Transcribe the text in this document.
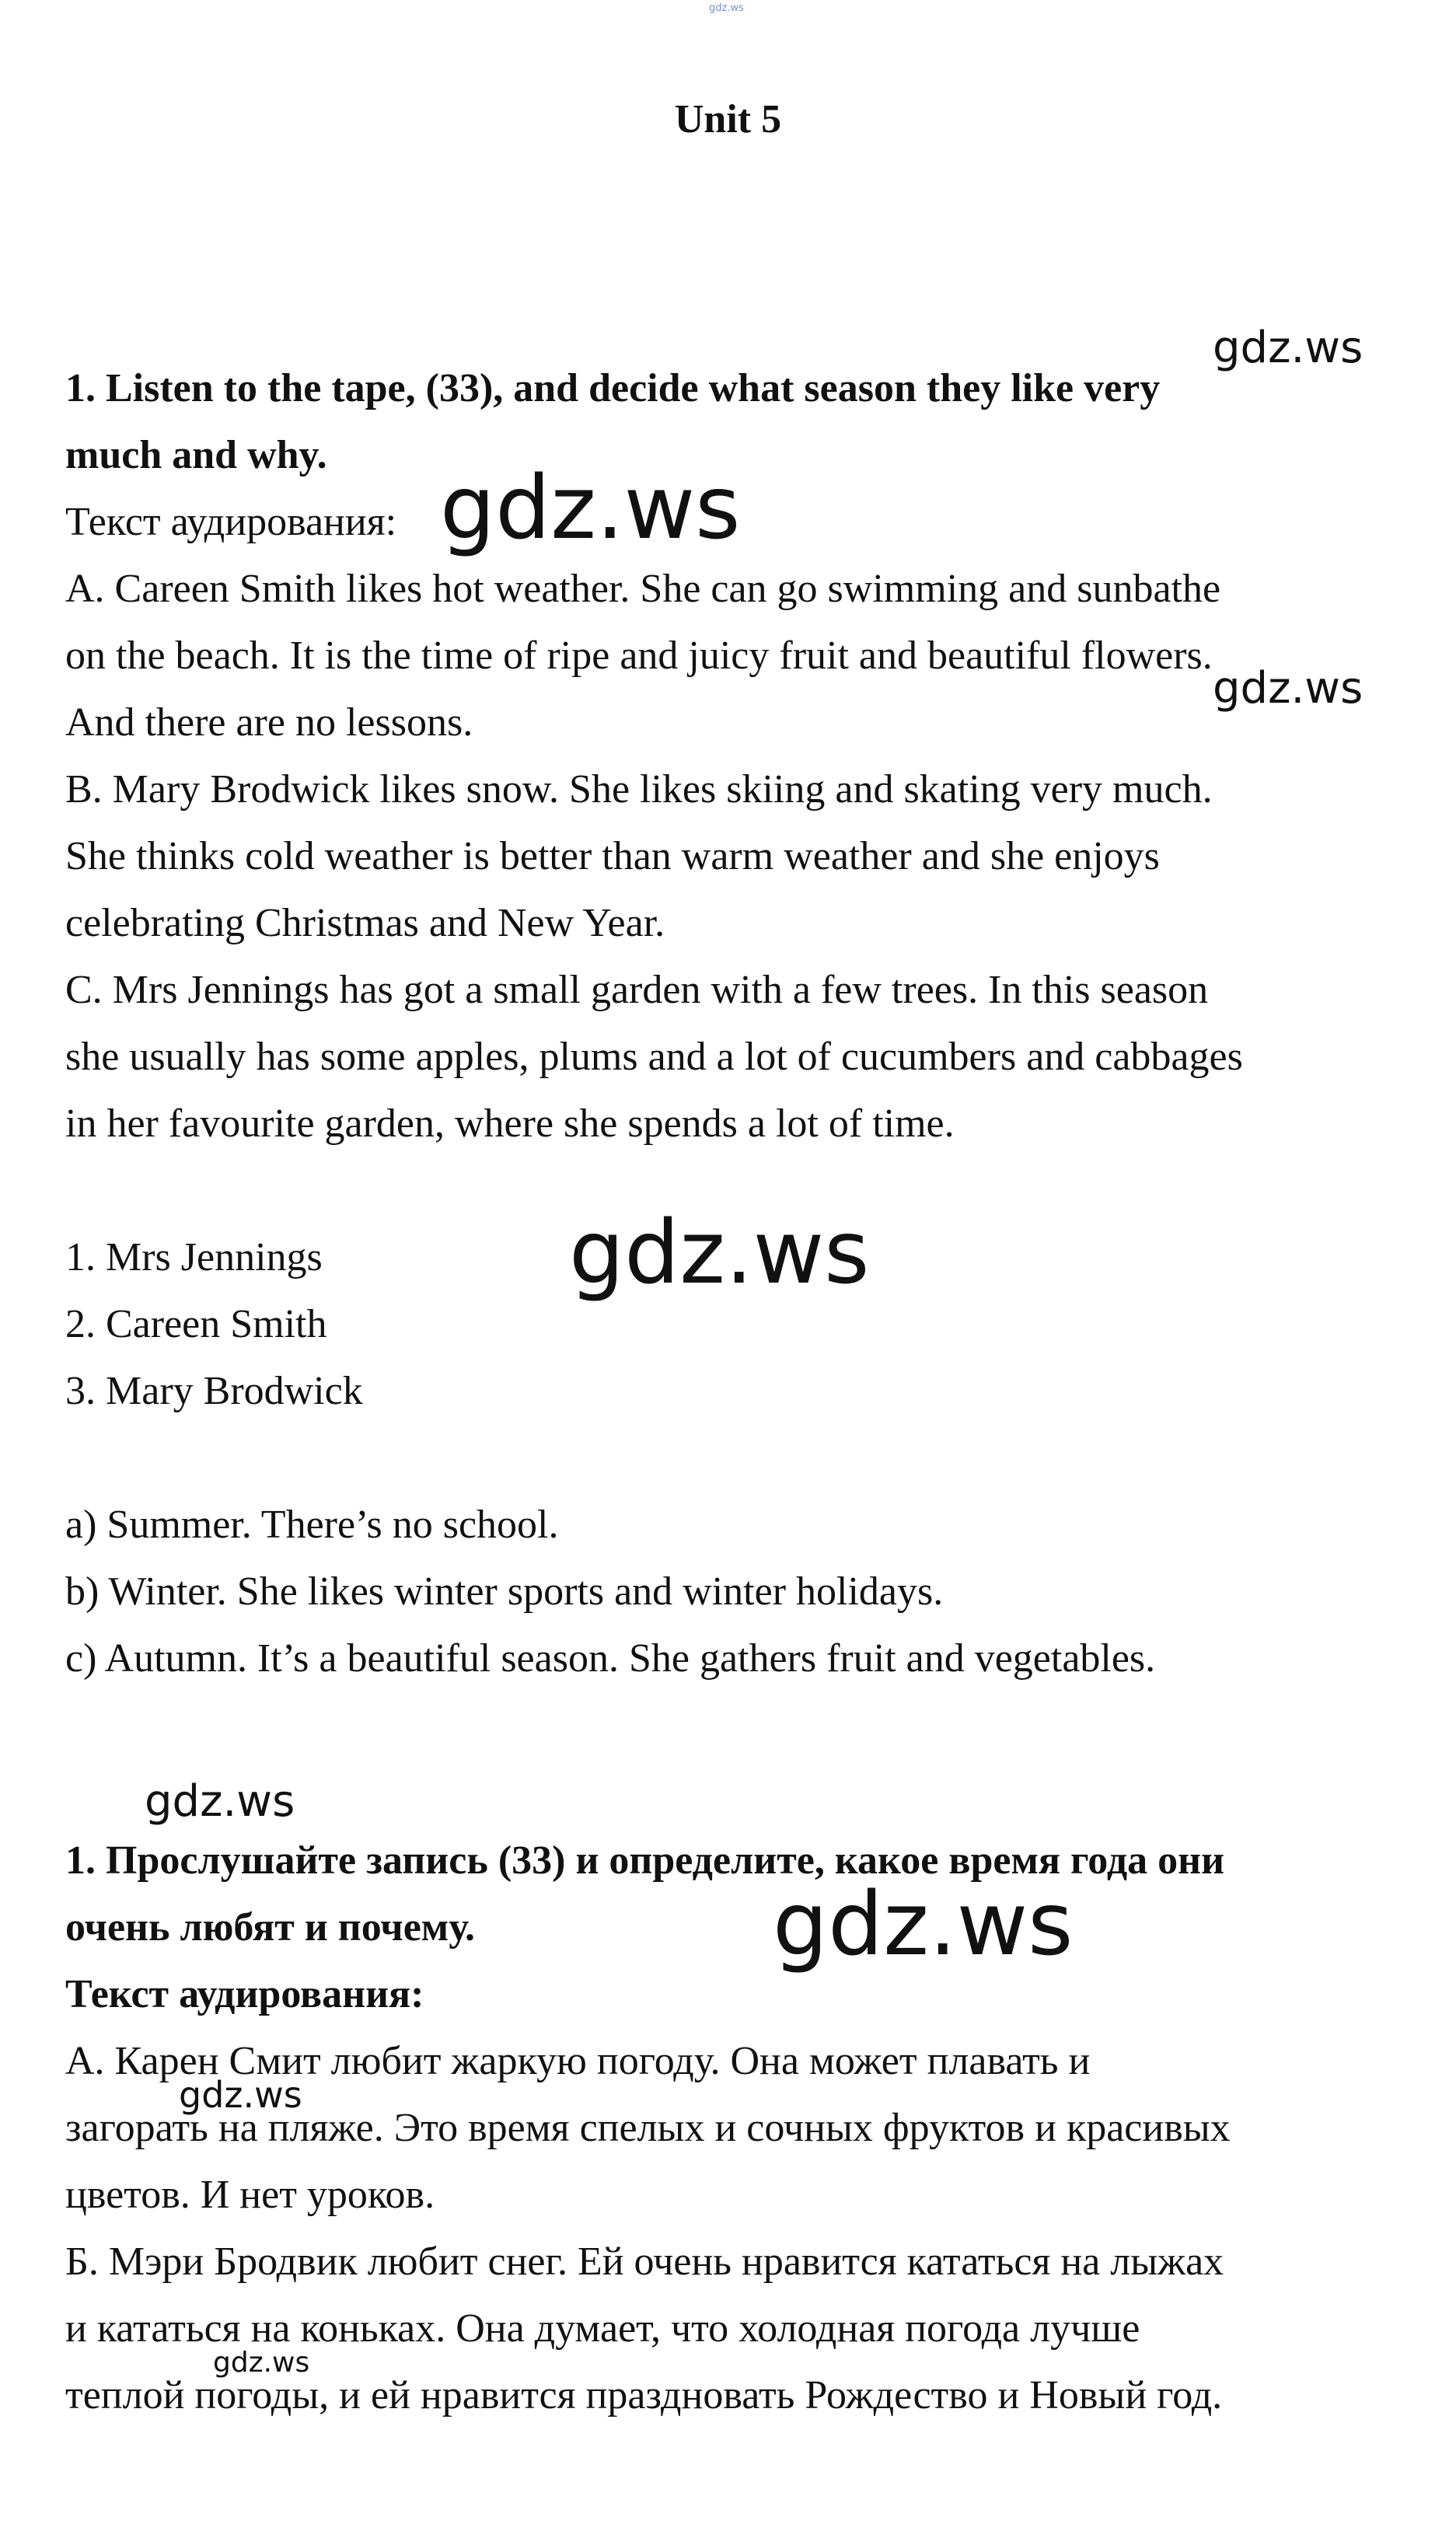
gdz.ws
Unit 5
1. Listen to the tape, (33), and decide what season they like very
much and why.
Текст аудирования:
A. Careen Smith likes hot weather. She can go swimming and sunbathe
on the beach. It is the time of ripe and juicy fruit and beautiful flowers.
And there are no lessons.
B. Mary Brodwick likes snow. She likes skiing and skating very much.
She thinks cold weather is better than warm weather and she enjoys
celebrating Christmas and New Year.
C. Mrs Jennings has got a small garden with a few trees. In this season
she usually has some apples, plums and a lot of cucumbers and cabbages
in her favourite garden, where she spends a lot of time.
1. Mrs Jennings
2. Careen Smith
3. Mary Brodwick
a) Summer. There’s no school.
b) Winter. She likes winter sports and winter holidays.
c) Autumn. It’s a beautiful season. She gathers fruit and vegetables.
1. Прослушайте запись (33) и определите, какое время года они
очень любят и почему.
Текст аудирования:
А. Карен Смит любит жаркую погоду. Она может плавать и
загорать на пляже. Это время спелых и сочных фруктов и красивых
цветов. И нет уроков.
Б. Мэри Бродвик любит снег. Ей очень нравится кататься на лыжах
и кататься на коньках. Она думает, что холодная погода лучше
теплой погоды, и ей нравится праздновать Рождество и Новый год.
gdz.ws
gdz.ws
gdz.ws
gdz.ws
gdz.ws
gdz.ws
gdz.ws
gdz.ws
